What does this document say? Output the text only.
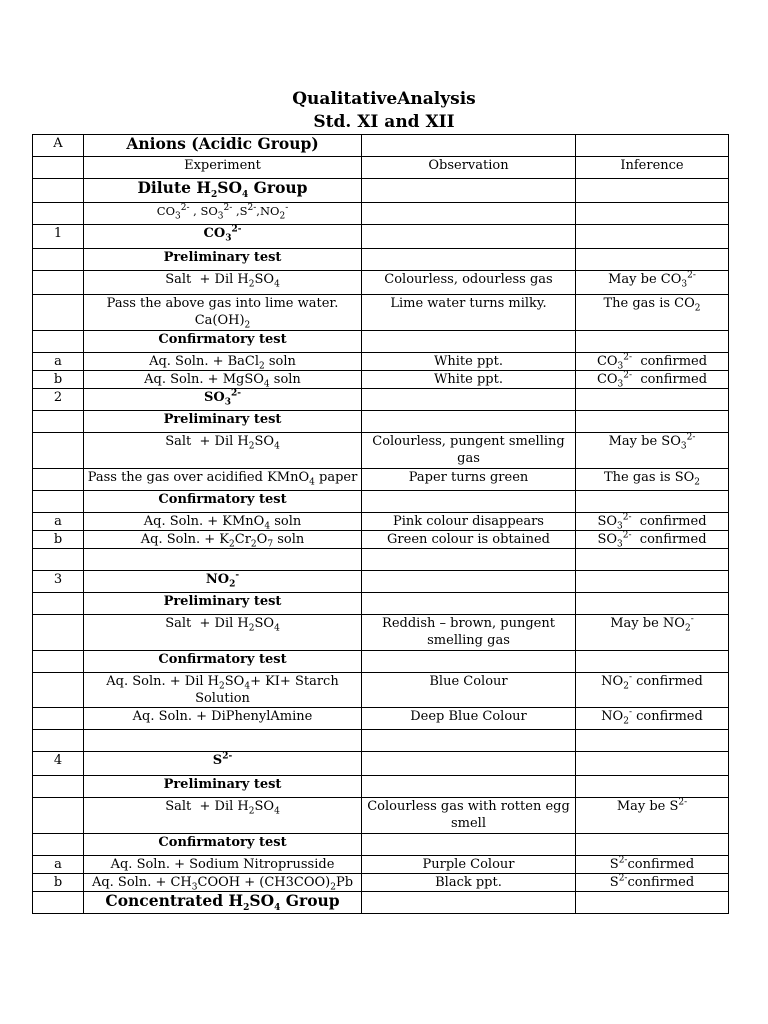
QualitativeAnalysis
Std. XI and XII
A	Anions (Acidic Group)		
	Experiment	Observation	Inference
	Dilute $H_2SO_4$ Group		
	$CO_3^{2-}$ , $SO_3^{2-}$ $,S^{2-},NO_2^-$		
1	$CO_3^{2-}$		
	Preliminary test		
	Salt  + Dil $H_2SO_4$	Colourless, odourless gas	May be $CO_3^{2-}$
	Pass the above gas into lime water. $Ca(OH)_2$	Lime water turns milky.	The gas is $CO_2$
	Confirmatory test		
a	Aq. Soln. + BaCl$_2$ soln	White ppt.	$CO_3^{2-}$  confirmed
b	Aq. Soln. + MgSO$_4$ soln	White ppt.	$CO_3^{2-}$  confirmed
2	$SO_3^{2-}$		
	Preliminary test		
	Salt  + Dil $H_2SO_4$	Colourless, pungent smelling gas	May be $SO_3^{2-}$
	Pass the gas over acidified KMnO$_4$ paper	Paper turns green	The gas is $SO_2$
	Confirmatory test		
a	Aq. Soln. + KMnO$_4$ soln	Pink colour disappears	$SO_3^{2-}$  confirmed
b	Aq. Soln. + $K_2Cr_2O_7$ soln	Green colour is obtained	$SO_3^{2-}$  confirmed

3	$NO_2^-$		
	Preliminary test		
	Salt  + Dil $H_2SO_4$	Reddish – brown, pungent smelling gas	May be $NO_2^-$
	Confirmatory test		
	Aq. Soln. + Dil $H_2SO_4+ KI+$ Starch Solution	Blue Colour	$NO_2^-$ confirmed
	Aq. Soln. + DiPhenylAmine	Deep Blue Colour	$NO_2^-$ confirmed

4	$S^{2-}$		
	Preliminary test		
	Salt  + Dil $H_2SO_4$	Colourless gas with rotten egg smell	May be $S^{2-}$
	Confirmatory test		
a	Aq. Soln. + Sodium Nitroprusside	Purple Colour	$S^{2-}confirmed$
b	Aq. Soln. + $CH_3COOH + (CH3COO)_2Pb$	Black ppt.	$S^{2-}confirmed$
	Concentrated $H_2SO_4$ Group		
